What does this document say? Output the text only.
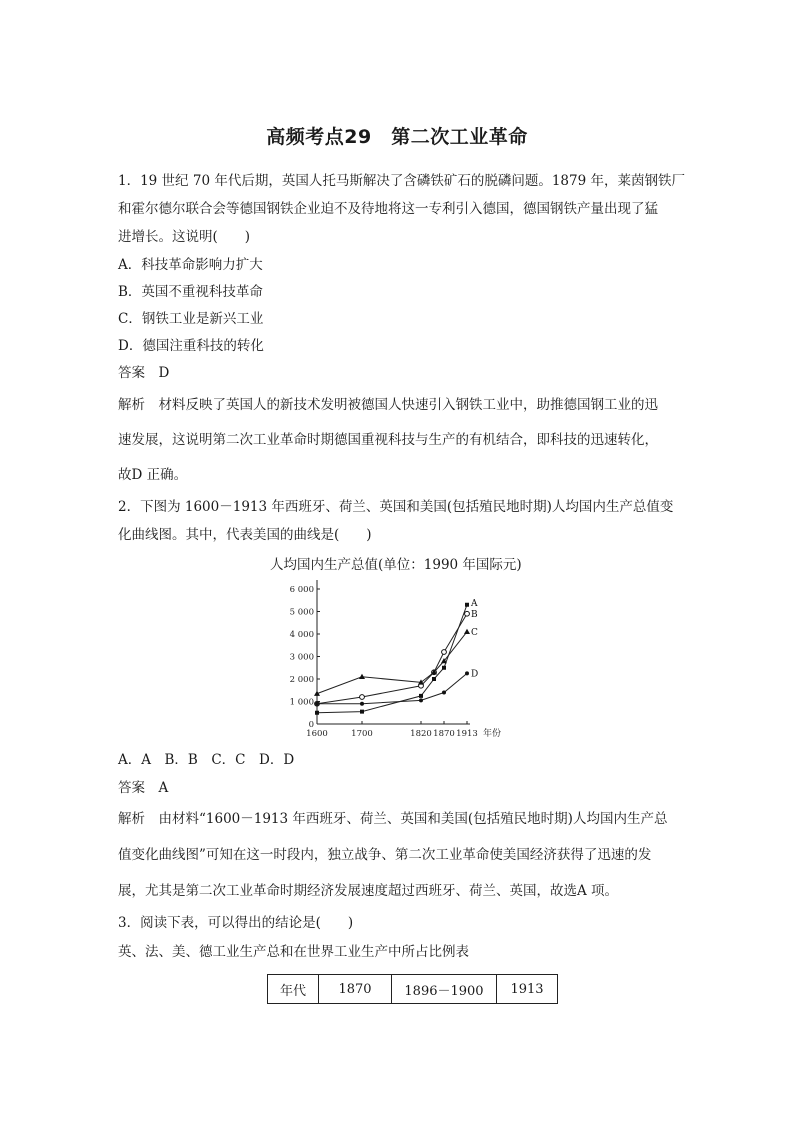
高频考点29　第二次工业革命
1．19 世纪 70 年代后期，英国人托马斯解决了含磷铁矿石的脱磷问题。1879 年，莱茵钢铁厂
和霍尔德尔联合会等德国钢铁企业迫不及待地将这一专利引入德国，德国钢铁产量出现了猛
进增长。这说明(　　)
A．科技革命影响力扩大
B．英国不重视科技革命
C．钢铁工业是新兴工业
D．德国注重科技的转化
答案　D
解析　材料反映了英国人的新技术发明被德国人快速引入钢铁工业中，助推德国钢工业的迅
速发展，这说明第二次工业革命时期德国重视科技与生产的有机结合，即科技的迅速转化，
故D 正确。
2．下图为 1600－1913 年西班牙、荷兰、英国和美国(包括殖民地时期)人均国内生产总值变
化曲线图。其中，代表美国的曲线是(　　)
人均国内生产总值(单位：1990 年国际元)
0
1 000
2 000
3 000
4 000
5 000
6 000
1600	1700	1820 1870 1913 年份
A
B
C
D
A．A　B．B　C．C　D．D
答案　A
解析　由材料“1600－1913 年西班牙、荷兰、英国和美国(包括殖民地时期)人均国内生产总
值变化曲线图”可知在这一时段内，独立战争、第二次工业革命使美国经济获得了迅速的发
展，尤其是第二次工业革命时期经济发展速度超过西班牙、荷兰、英国，故选A 项。
3．阅读下表，可以得出的结论是(　　)
英、法、美、德工业生产总和在世界工业生产中所占比例表
年代	1870	1896－1900	1913
